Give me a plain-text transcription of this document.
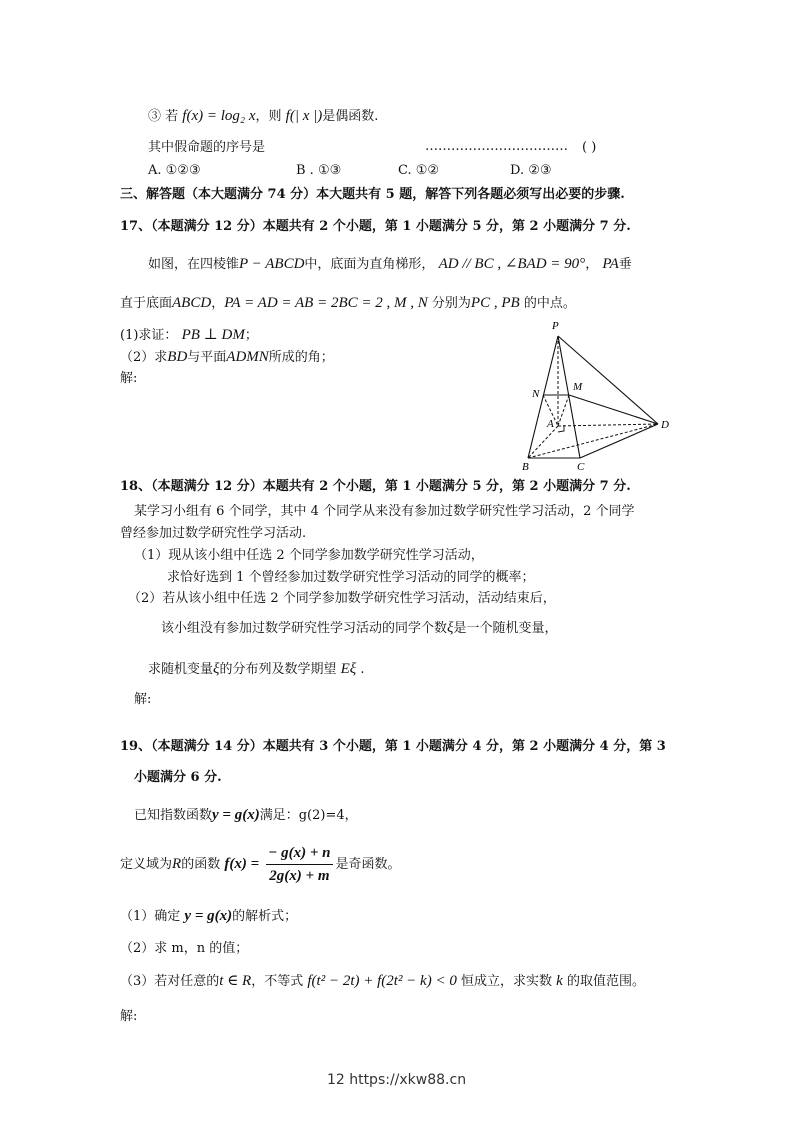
③ 若 f(x) = log₂ x，则 f(| x |)是偶函数.
其中假命题的序号是	…………………………… ( )
A. ①②③	B . ①③	C. ①②	D. ②③
三、解答题（本大题满分 74 分）本大题共有 5 题，解答下列各题必须写出必要的步骤.
17、（本题满分 12 分）本题共有 2 个小题，第 1 小题满分 5 分，第 2 小题满分 7 分.
如图，在四棱锥P − ABCD中，底面为直角梯形， AD // BC , ∠BAD = 90°， PA垂
直于底面ABCD，PA = AD = AB = 2BC = 2 , M , N 分别为PC , PB 的中点。
(1)求证： PB ⊥ DM；
（2）求BD与平面ADMN所成的角；
解:
P
M
N
A	D
B	C
18、（本题满分 12 分）本题共有 2 个小题，第 1 小题满分 5 分，第 2 小题满分 7 分.
某学习小组有 6 个同学，其中 4 个同学从来没有参加过数学研究性学习活动，2 个同学
曾经参加过数学研究性学习活动.
（1）现从该小组中任选 2 个同学参加数学研究性学习活动，
求恰好选到 1 个曾经参加过数学研究性学习活动的同学的概率；
（2）若从该小组中任选 2 个同学参加数学研究性学习活动，活动结束后，
该小组没有参加过数学研究性学习活动的同学个数ξ是一个随机变量，
求随机变量ξ的分布列及数学期望 Eξ .
解:
19、（本题满分 14 分）本题共有 3 个小题，第 1 小题满分 4 分，第 2 小题满分 4 分，第 3
小题满分 6 分.
已知指数函数y = g(x)满足：g(2)=4，
定义域为R的函数 $f(x) = \frac{- g(x) + n}{2g(x) + m}$ 是奇函数。
（1）确定 y = g(x)的解析式；
（2）求 m，n 的值；
（3）若对任意的t ∈ R，不等式 f(t² − 2t) + f(2t² − k) < 0 恒成立，求实数 k 的取值范围。
解:
12 https://xkw88.cn
